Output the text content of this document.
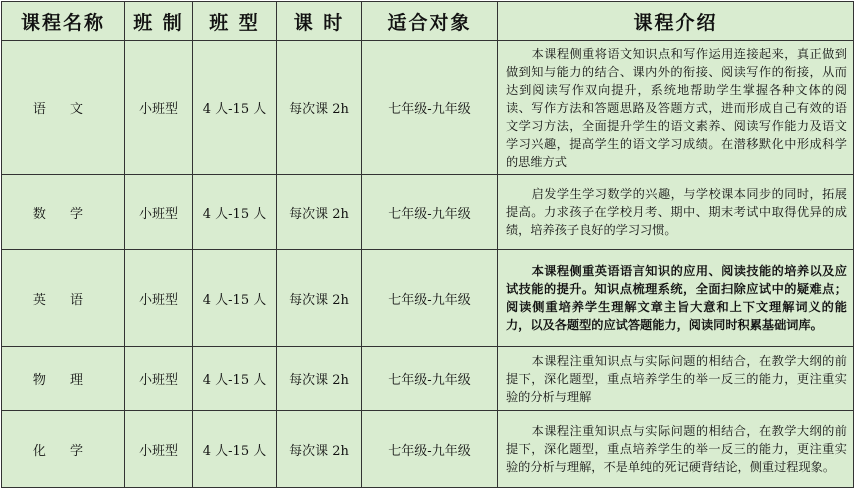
课程名称	班 制	班 型	课 时	适合对象	课程介绍
语 文	小班型	4 人-15 人	每次课 2h	七年级-九年级	本课程侧重将语文知识点和写作运用连接起来，真正做到做到知与能力的结合、课内外的衔接、阅读写作的衔接，从而达到阅读写作双向提升，系统地帮助学生掌握各种文体的阅读、写作方法和答题思路及答题方式，进而形成自己有效的语文学习方法，全面提升学生的语文素养、阅读写作能力及语文学习兴趣，提高学生的语文学习成绩。在潜移默化中形成科学的思维方式

数 学	小班型	4 人-15 人	每次课 2h	七年级-九年级	启发学生学习数学的兴趣，与学校课本同步的同时，拓展提高。力求孩子在学校月考、期中、期末考试中取得优异的成绩，培养孩子良好的学习习惯。

英 语	小班型	4 人-15 人	每次课 2h	七年级-九年级	本课程侧重英语语言知识的应用、阅读技能的培养以及应试技能的提升。知识点梳理系统，全面扫除应试中的疑难点；阅读侧重培养学生理解文章主旨大意和上下文理解词义的能力，以及各题型的应试答题能力，阅读同时积累基础词库。

物 理	小班型	4 人-15 人	每次课 2h	七年级-九年级	本课程注重知识点与实际问题的相结合，在教学大纲的前提下，深化题型，重点培养学生的举一反三的能力，更注重实验的分析与理解

化 学	小班型	4 人-15 人	每次课 2h	七年级-九年级	本课程注重知识点与实际问题的相结合，在教学大纲的前提下，深化题型，重点培养学生的举一反三的能力，更注重实验的分析与理解，不是单纯的死记硬背结论，侧重过程现象。
